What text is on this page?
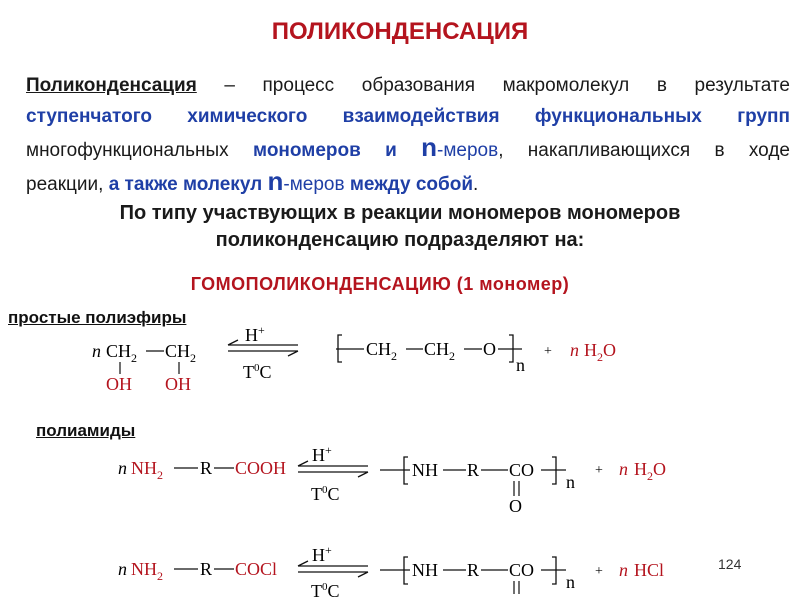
ПОЛИКОНДЕНСАЦИЯ
Поликонденсация – процесс образования макромолекул в результате
ступенчатого химического взаимодействия функциональных групп
многофункциональных мономеров и n-меров, накапливающихся в ходе
реакции, а также молекул n-меров между собой.
По типу участвующих в реакции мономеров мономеров
поликонденсацию подразделяют на:
ГОМОПОЛИКОНДЕНСАЦИЮ (1 мономер)
простые полиэфиры
полиамиды
n $CH_2$ $CH_2$
OH OH
H+
$T^0C$
$CH_2$ $CH_2$ O
n
+ n $H_2O$
n $NH_2$ R COOH
H+
$T^0C$
NH R CO
n
O
+ n $H_2O$
n $NH_2$ R COCl
H+
$T^0C$
NH R CO
n
+ n HCl	124
